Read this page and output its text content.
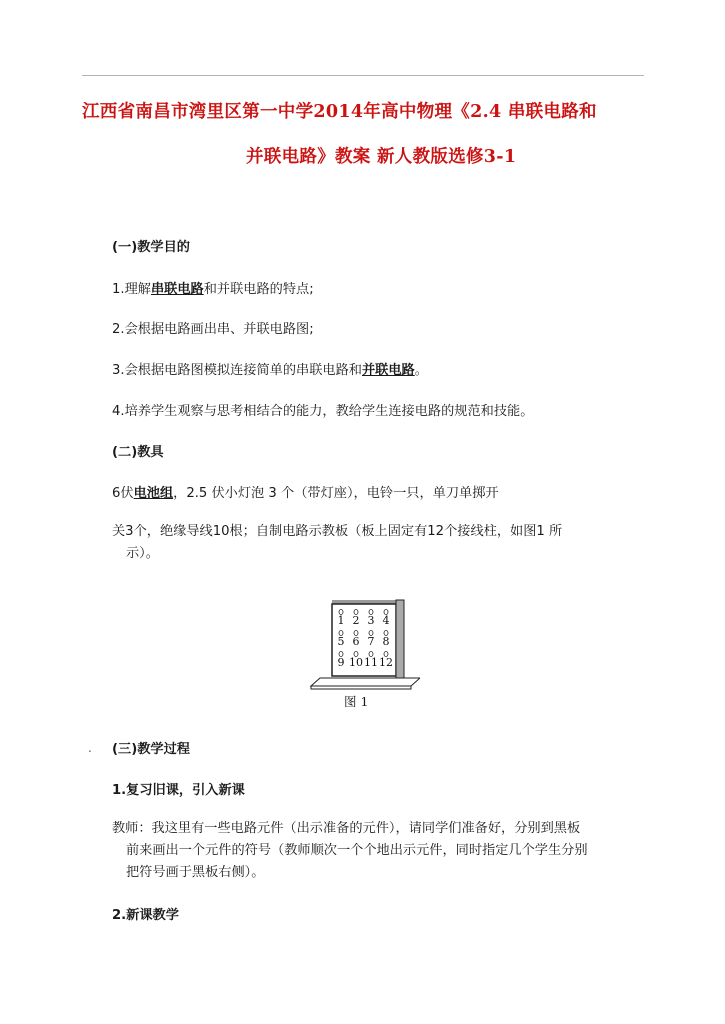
江西省南昌市湾里区第一中学2014年高中物理《2.4 串联电路和
并联电路》教案 新人教版选修3-1
(一)教学目的
1.理解串联电路和并联电路的特点;
2.会根据电路画出串、并联电路图;
3.会根据电路图模拟连接简单的串联电路和并联电路。
4.培养学生观察与思考相结合的能力，教给学生连接电路的规范和技能。
(二)教具
6伏电池组，2.5 伏小灯泡 3 个（带灯座），电铃一只，单刀单掷开
关3个，绝缘导线10根；自制电路示教板（板上固定有12个接线柱，如图1 所
示）。
1 2 3 4
5 6 7 8
9 10 11 12
图 1
. (三)教学过程
1.复习旧课，引入新课
教师：我这里有一些电路元件（出示准备的元件），请同学们准备好，分别到黑板
前来画出一个元件的符号（教师顺次一个个地出示元件，同时指定几个学生分别
把符号画于黑板右侧）。
2.新课教学
